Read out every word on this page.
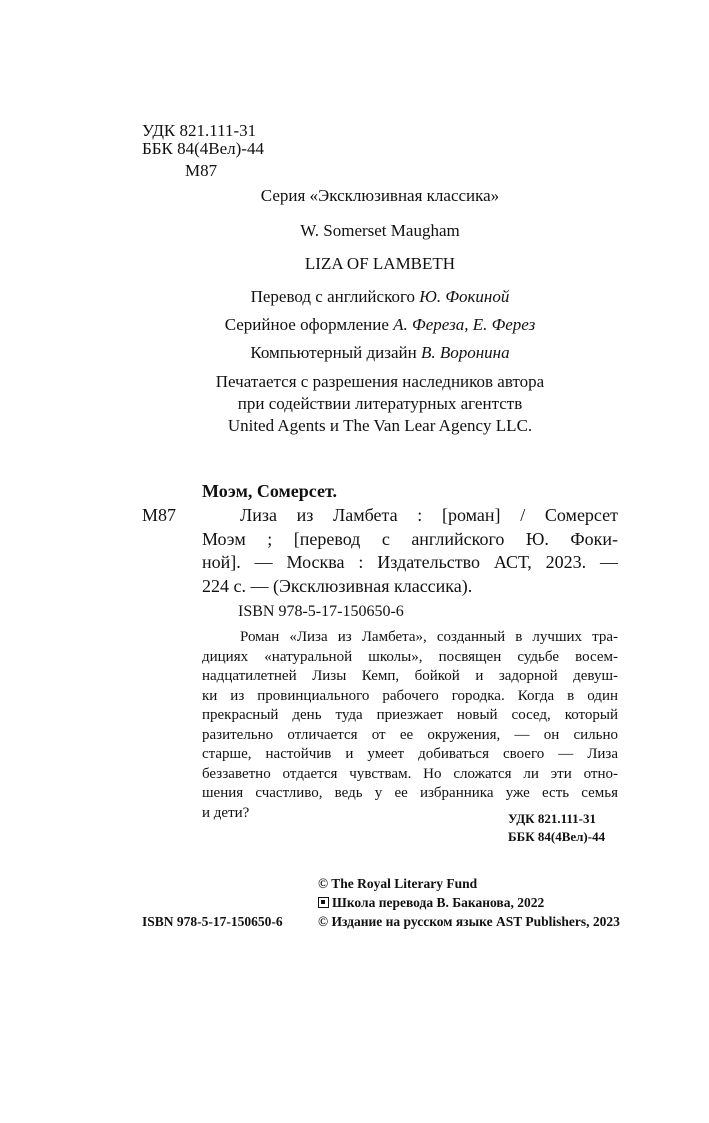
УДК 821.111-31
ББК 84(4Вел)-44
М87
Серия «Эксклюзивная классика»
W. Somerset Maugham
LIZA OF LAMBETH
Перевод с английского Ю. Фокиной
Серийное оформление А. Фереза, Е. Ферез
Компьютерный дизайн В. Воронина
Печатается с разрешения наследников автора
при содействии литературных агентств
United Agents и The Van Lear Agency LLC.
Моэм, Сомерсет.
М87	Лиза из Ламбета : [роман] / Сомерсет
Моэм ; [перевод с английского Ю. Фоки-
ной]. — Москва : Издательство АСТ, 2023. —
224 с. — (Эксклюзивная классика).
ISBN 978-5-17-150650-6
Роман «Лиза из Ламбета», созданный в лучших тра-
дициях «натуральной школы», посвящен судьбе восем-
надцатилетней Лизы Кемп, бойкой и задорной девуш-
ки из провинциального рабочего городка. Когда в один
прекрасный день туда приезжает новый сосед, который
разительно отличается от ее окружения, — он сильно
старше, настойчив и умеет добиваться своего — Лиза
беззаветно отдается чувствам. Но сложатся ли эти отно-
шения счастливо, ведь у ее избранника уже есть семья
и дети?	УДК 821.111-31
ББК 84(4Вел)-44
© The Royal Literary Fund
Школа перевода В. Баканова, 2022
© Издание на русском языке AST Publishers, 2023
ISBN 978-5-17-150650-6
